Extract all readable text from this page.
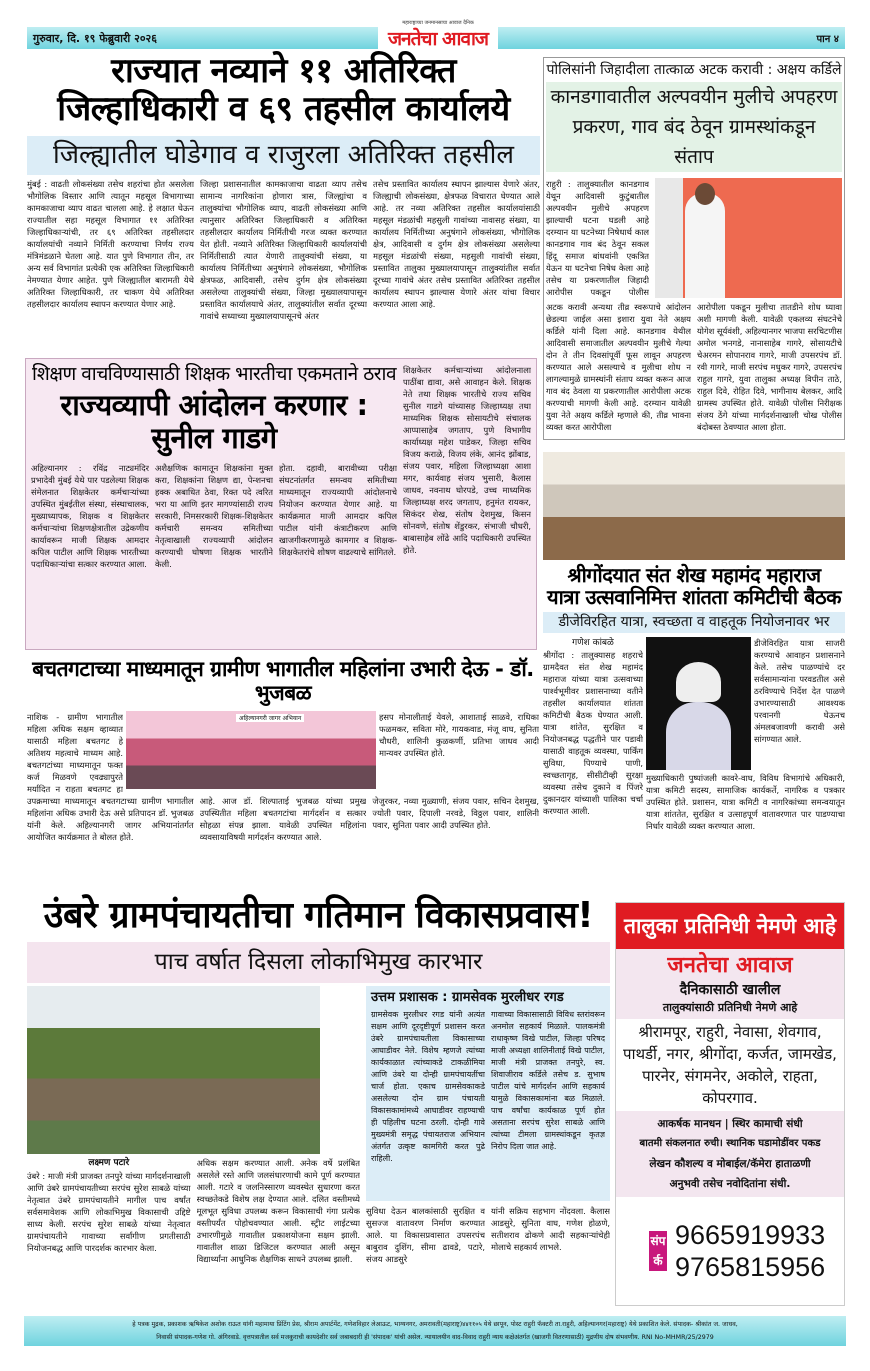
गुरुवार, दि. १९ फेब्रुवारी २०२६	पान ४
महाराष्ट्राच्या जनमानसाचा आवाज दैनिक
जनतेचा आवाज
राज्यात नव्याने ११ अतिरिक्त
जिल्हाधिकारी व ६९ तहसील कार्यालये
जिल्ह्यातील घोडेगाव व राजुरला अतिरिक्त तहसील
मुंबई : वाढती लोकसंख्या तसेच शहरांचा होत असलेला भौगोलिक विस्तार आणि त्यातून महसूल विभागाच्या कामकाजाचा व्याप वाढत चालला आहे. हे लक्षात घेऊन राज्यातील सहा महसूल विभागात ११ अतिरिक्त जिल्हाधिकाऱ्यांची, तर ६९ अतिरिक्त तहसीलदार कार्यालयांची नव्याने निर्मिती करण्याचा निर्णय राज्य मंत्रिमंडळाने घेतला आहे. यात पुणे विभागात तीन, तर अन्य सर्व विभागांत प्रत्येकी एक अतिरिक्त जिल्हाधिकारी नेमण्यात येणार आहेत. पुणे जिल्ह्यातील बारामती येथे अतिरिक्त जिल्हाधिकारी, तर चाकण येथे अतिरिक्त तहसीलदार कार्यालय स्थापन करण्यात येणार आहे.
जिल्हा प्रशासनातील कामकाजाचा वाढता व्याप तसेच सामान्य नागरिकांना होणारा त्रास, जिल्ह्यांचा व तालुक्यांचा भौगोलिक व्याप, वाढती लोकसंख्या आणि त्यानुसार अतिरिक्त जिल्हाधिकारी व अतिरिक्त तहसीलदार कार्यालय निर्मितीची गरज व्यक्त करण्यात येत होती. नव्याने अतिरिक्त जिल्हाधिकारी कार्यालयांची निर्मितीसाठी त्यात येणारी तालुक्यांची संख्या, या कार्यालय निर्मितीच्या अनुषंगाने लोकसंख्या, भौगोलिक क्षेत्रफळ, आदिवासी, तसेच दुर्गम क्षेत्र लोकसंख्या असलेल्या तालुक्यांची संख्या, जिल्हा मुख्यालयापासून प्रस्तावित कार्यालयाचे अंतर, तालुक्यांतील सर्वात दूरच्या गावांचे सध्याच्या मुख्यालयापासूनचे अंतर
तसेच प्रस्तावित कार्यालय स्थापन झाल्यास येणारे अंतर, जिल्ह्याची लोकसंख्या, क्षेत्रफळ विचारात घेण्यात आले आहे. तर नव्या अतिरिक्त तहसील कार्यालयांसाठी महसूल मंडळांची महसुली गावांच्या नावासह संख्या, या कार्यालय निर्मितीच्या अनुषंगाने लोकसंख्या, भौगोलिक क्षेत्र, आदिवासी व दुर्गम क्षेत्र लोकसंख्या असलेल्या महसूल मंडळांची संख्या, महसुली गावांची संख्या, प्रस्तावित तालुका मुख्यालयापासून तालुक्यांतील सर्वात दूरच्या गावांचे अंतर तसेच प्रस्तावित अतिरिक्त तहसील कार्यालय स्थापन झाल्यास येणारे अंतर यांचा विचार करण्यात आला आहे.
पोलिसांनी जिहादीला तात्काळ अटक करावी : अक्षय कर्डिले
कानडगावातील अल्पवयीन मुलीचे अपहरण प्रकरण, गाव बंद ठेवून ग्रामस्थांकडून संताप
राहुरी : तालुक्यातील कानडगाव येथून आदिवासी कुटुंबातील अल्पवयीन मुलीचे अपहरण झाल्याची घटना घडली आहे दरम्यान या घटनेच्या निषेधार्थ काल कानडगाव गाव बंद ठेवून सकल हिंदू समाज बांधवांनी एकत्रित येऊन या घटनेचा निषेध केला आहे तसेच या प्रकरणातील जिहादी आरोपीस पकडून पोलीस
अटक करावी अन्यथा तीव्र स्वरूपाचे आंदोलन छेडल्या जाईल असा इशारा युवा नेते अक्षय कर्डिले यांनी दिला आहे. कानडगाव येथील आदिवासी समाजातील अल्पवयीन मुलीचे गेल्या दोन ते तीन दिवसांपूर्वी फूस लावून अपहरण करण्यात आले असल्याचे व मुलीचा शोध न लागल्यामुळे ग्रामस्थांनी संताप व्यक्त करून आज गाव बंद ठेवला या प्रकरणातील आरोपीला अटक करण्याची मागणी केली आहे. दरम्यान यावेळी युवा नेते अक्षय कर्डिले म्हणाले की, तीव्र भावना व्यक्त करत आरोपीला
आरोपीला पकडून मुलीचा तातडीने शोध घ्यावा अशी मागणी केली. यावेळी एकलव्य संघटनेचे योगेश सूर्यवंशी, अहिल्यानगर भाजपा सरचिटणीस अमोल भनगडे, नानासाहेब गागरे, सोसायटीचे चेअरमन सोपानराव गागरे, माजी उपसरपंच डॉ. रवी गागरे, माजी सरपंच मधुकर गागरे, उपसरपंच राहुल गागरे, युवा तालुका अध्यक्ष विपीन ताठे, राहुल दिवे, रोहित दिवे, भागीनाथ बेलकर, आदि ग्रामस्थ उपस्थित होते. यावेळी पोलीस निरीक्षक संजय ठेंगे यांच्या मार्गदर्शनाखाली चोख पोलीस बंदोबस्त ठेवण्यात आला होता.
शिक्षण वाचविण्यासाठी शिक्षक भारतीचा एकमताने ठराव
राज्यव्यापी आंदोलन करणार : सुनील गाडगे
अहिल्यानगर : रविंद्र नाट्यमंदिर प्रभादेवी मुंबई येथे पार पडलेल्या शिक्षक संमेलनात शिक्षकेतर कर्मचाऱ्यांच्या उपस्थित मुंबईतील संस्था, संस्थाचालक, मुख्याध्यापक, शिक्षक व शिक्षकेतर कर्मचाऱ्यांचा शिक्षणक्षेत्रातील उद्रेकणीय कार्यावरून माजी शिक्षक आमदार कपिल पाटील आणि शिक्षक भारतीच्या पदाधिकाऱ्यांचा सत्कार करण्यात आला.
अशैक्षणिक कामातून शिक्षकांना मुक्त करा, शिक्षकांना शिक्षण द्या, पेन्शनचा हक्क अबाधित ठेवा, रिक्त पदे त्वरित भरा या आणि इतर मागण्यांसाठी राज्य सरकारी, निमसरकारी शिक्षक-शिक्षकेतर कर्मचारी समन्वय समितीच्या नेतृत्वाखाली राज्यव्यापी आंदोलन करण्याची घोषणा शिक्षक भारतीने केली.
होता. दहावी, बारावीच्या परीक्षा संघटनांतर्गत समन्वय समितीच्या माध्यमातून राज्यव्यापी आंदोलनाचे नियोजन करण्यात येणार आहे. या कार्यक्रमात माजी आमदार कपिल पाटील यांनी कंत्राटीकरण आणि खाजगीकरणामुळे कामगार व शिक्षक-शिक्षकेतरांचे शोषण वाढल्याचे सांगितले.
शिक्षकेतर कर्मचाऱ्यांच्या आंदोलनाला पाठींबा द्यावा, असे आवाहन केले. शिक्षक नेते तथा शिक्षक भारतीचे राज्य सचिव सुनील गाडगे यांच्यासह जिल्हाध्यक्ष तथा माध्यमिक शिक्षक सोसायटीचे संचालक आप्पासाहेब जगताप, पुणे विभागीय कार्याध्यक्ष महेश पाडेकर, जिल्हा सचिव विजय कराळे, विजय लंके, आनंद झोंबाड, संजय पवार, महिला जिल्हाध्यक्षा आशा मगर, कार्यवाह संजय भुसारी, कैलास जाधव, नवनाथ घोरपडे, उच्च माध्यमिक जिल्हाध्यक्ष शरद जगताप, हनुमंत रायकर, सिकंदर शेख, संतोष देशमुख, किसन सोनवणे, संतोष शेंडुरकर, संभाजी चौधरी, बाबासाहेब लोंढे आदि पदाधिकारी उपस्थित होते.
श्रीगोंदयात संत शेख महामंद महाराज
यात्रा उत्सवानिमित्त शांतता कमिटीची बैठक
डीजेविरहित यात्रा, स्वच्छता व वाहतूक नियोजनावर भर
गणेश कांबळे
श्रीगोंदा : तालुक्यासह शहराचे ग्रामदैवत संत शेख महामंद महाराज यांच्या यात्रा उत्सवाच्या पार्श्वभूमीवर प्रशासनाच्या वतीने तहसील कार्यालयात शांतता कमिटीची बैठक घेण्यात आली. यात्रा शांतेत, सुरक्षित व नियोजनबद्ध पद्धतीने पार पडावी यासाठी वाहतूक व्यवस्था, पार्किंग सुविधा, पिण्याचे पाणी, स्वच्छतागृह, सीसीटीव्ही सुरक्षा व्यवस्था तसेच दुकाने व पिंजरे दुकानदार यांच्याशी पालिका चर्चा करण्यात आली.
डीजेविरहित यात्रा साजरी करण्याचे आवाहन प्रशासनाने केले. तसेच पाळण्यांचे दर सर्वसामान्यांना परवडतील असे ठरविण्याचे निर्देश देत पाळणे उभारण्यासाठी आवश्यक परवानगी घेऊनच अंमलबजावणी करावी असे सांगण्यात आले.
मुख्याधिकारी पुष्पांजली कावरे-वाघ, विविध विभागांचे अधिकारी, यात्रा कमिटी सदस्य, सामाजिक कार्यकर्ते, नागरिक व पत्रकार उपस्थित होते. प्रशासन, यात्रा कमिटी व नागरिकांच्या समन्वयातून यात्रा शांततेत, सुरक्षित व उत्साहपूर्ण वातावरणात पार पाडण्याचा निर्धार यावेळी व्यक्त करण्यात आला.
बचतगटाच्या माध्यमातून ग्रामीण भागातील महिलांना उभारी देऊ - डॉ. भुजबळ
नाशिक - ग्रामीण भागातील महिला अधिक सक्षम व्हाव्यात यासाठी महिला बचतगट हे अतिशय महत्वाचे माध्यम आहे. बचतगटांच्या माध्यमातून फक्त कर्ज मिळवणे एवढ्यापुरते मर्यादित न राहता बचतगट हा
अहिल्यानगरी जागर अभियान	हसप मोनालीताई येवले, आशाताई साळवे, राधिका फळमकर, सविता मोरे, गायकवाड, मंजू वाघ, सुनिता चौधरी, शालिनी कुळकर्णी, प्रतिभा जाधव आदी मान्यवर उपस्थित होते.
उपक्रमाच्या माध्यमातून बचतगटाच्या ग्रामीण भागातील महिलांना अधिक उभारी देऊ असे प्रतिपादन डॉ. भुजबळ यांनी केले. अहिल्यानगरी जागर अभियानांतर्गत आयोजित कार्यक्रमात ते बोलत होते.
आहे. आज डॉ. शिल्पाताई भुजबळ यांच्या प्रमुख उपस्थितीत महिला बचतगटांचा मार्गदर्शन व सत्कार सोहळा संपन्न झाला. यावेळी उपस्थित महिलांना व्यवसायाविषयी मार्गदर्शन करण्यात आले.
जेजुरकर, नव्या मुळ्याणी, संजय पवार, सचिन देशमुख, ज्योती पवार, दिपाली नरवडे, विठ्ठल पवार, शालिनी पवार, सुनिता पवार आदी उपस्थित होते.
उंबरे ग्रामपंचायतीचा गतिमान विकासप्रवास!
पाच वर्षात दिसला लोकाभिमुख कारभार
लक्ष्मण पटारे
उंबरे : माजी मंत्री प्राजक्त तनपुरे यांच्या मार्गदर्शनाखाली आणि उंबरे ग्रामपंचायतीच्या सरपंच सुरेश साबळे यांच्या नेतृत्वात उंबरे ग्रामपंचायतीने मागील पाच वर्षांत सर्वसमावेशक आणि लोकाभिमुख विकासाची उद्दिष्टे साध्य केली. सरपंच सुरेश साबळे यांच्या नेतृत्वात ग्रामपंचायतीने गावाच्या सर्वांगीण प्रगतीसाठी नियोजनबद्ध आणि पारदर्शक कारभार केला.
अधिक सक्षम करण्यात आली. अनेक वर्षे प्रलंबित असलेले रस्ते आणि जलसंधारणाची कामे पूर्ण करण्यात आली. गटारे व जलनिस्सारण व्यवस्थेत सुधारणा करत स्वच्छतेकडे विशेष लक्ष देण्यात आले. दलित वस्तीमध्ये मूलभूत सुविधा उपलब्ध करून विकासाची गंगा प्रत्येक वस्तीपर्यंत पोहोचवण्यात आली. स्ट्रीट लाईटच्या उभारणीमुळे गावातील प्रकाशयोजना सक्षम झाली. गावातील शाळा डिजिटल करण्यात आली असून विद्यार्थ्यांना आधुनिक शैक्षणिक साधने उपलब्ध झाली.
उत्तम प्रशासक : ग्रामसेवक मुरलीधर रगड
ग्रामसेवक मुरलीधर रगड यांनी अत्यंत सक्षम आणि दूरदृष्टीपूर्ण प्रशासन करत उंबरे ग्रामपंचायतीला विकासाच्या आघाडीवर नेले. विशेष म्हणजे त्यांच्या कार्यकाळात त्यांच्याकडे टाकळीमिया आणि उंबरे या दोन्ही ग्रामपंचायतींचा चार्ज होता. एकाच ग्रामसेवकाकडे असलेल्या दोन ग्राम पंचायती विकासकामांमध्ये आघाडीवर राहण्याची ही पहिलीच घटना ठरली. दोन्ही गावे मुख्यमंत्री समृद्ध पंचायतराज अभियान अंतर्गत उत्कृष्ट कामगिरी करत पुढे राहिली.
गावाच्या विकासासाठी विविध स्तरांवरून अनमोल सहकार्य मिळाले. पालकमंत्री राधाकृष्ण विखे पाटील, जिल्हा परिषद माजी अध्यक्षा शालिनीताई विखे पाटील, माजी मंत्री प्राजक्त तनपुरे, स्व. शिवाजीराव कर्डिले तसेच ड. सुभाष पाटील यांचे मार्गदर्शन आणि सहकार्य यामुळे विकासकामांना बळ मिळाले. पाच वर्षांचा कार्यकाळ पूर्ण होत असताना सरपंच सुरेश साबळे आणि त्यांच्या टीमला ग्रामस्थांकडून कृतज्ञ निरोप दिला जात आहे.
सुविधा देऊन बालकांसाठी सुरक्षित व सुसज्ज वातावरण निर्माण करण्यात आले. या विकासप्रवासात उपसरपंच बाबुराव दुशिंग, सीमा ढावडे, पटारे, संजय आडसुरे
यांनी सक्रिय सहभाग नोंदवला. कैलास आडसुरे, सुनिता वाघ, गणेश होळणे, सतीशराव ढोकणे आदी सहकाऱ्यांचेही मोलाचे सहकार्य लाभले.
तालुका प्रतिनिधी नेमणे आहे
जनतेचा आवाज
दैनिकासाठी खालील
तालुक्यांसाठी प्रतिनिधी नेमणे आहे
श्रीरामपूर, राहुरी, नेवासा, शेवगाव, पाथर्डी, नगर, श्रीगोंदा, कर्जत, जामखेड, पारनेर, संगमनेर, अकोले, राहता, कोपरगाव.
आकर्षक मानधन | स्थिर कामाची संधी
बातमी संकलनात रुची। स्थानिक घडामोडींवर पकड
लेखन कौशल्य व मोबाईल/कॅमेरा हाताळणी
अनुभवी तसेच नवोदितांना संधी.
संपर्क
9665919933
9765815956
हे पत्रक मुद्रक, प्रकाशक ऋषिकेश अशोक राऊत यांनी महामाया प्रिंटिंग प्रेस, श्रीराम अपार्टमेंट, गणेशविहार लेआऊट, भाग्यनगर, अमरावती(महाराष्ट्र)४४११०५ येथे छापून, पोस्ट राहुरी फॅक्टरी ता.राहुरी, अहिल्यानगर(महाराष्ट्र) येथे प्रकाशित केले. संपादक- श्रीकांत ज. जाधव,
निवासी संपादक-गणेश गो. अंगिरवाडे. वृत्तपत्रातील सर्व मजकुराची कायदेशीर सर्व जबाबदारी ही 'संपादक' यांची असेल. न्यायालयीन वाद-विवाद राहुरी न्याय कक्षेअंतर्गत (खाजगी वितरणासाठी) मुद्रणीय दोष संभवणीय. RNI No-MHMR/25/2979
